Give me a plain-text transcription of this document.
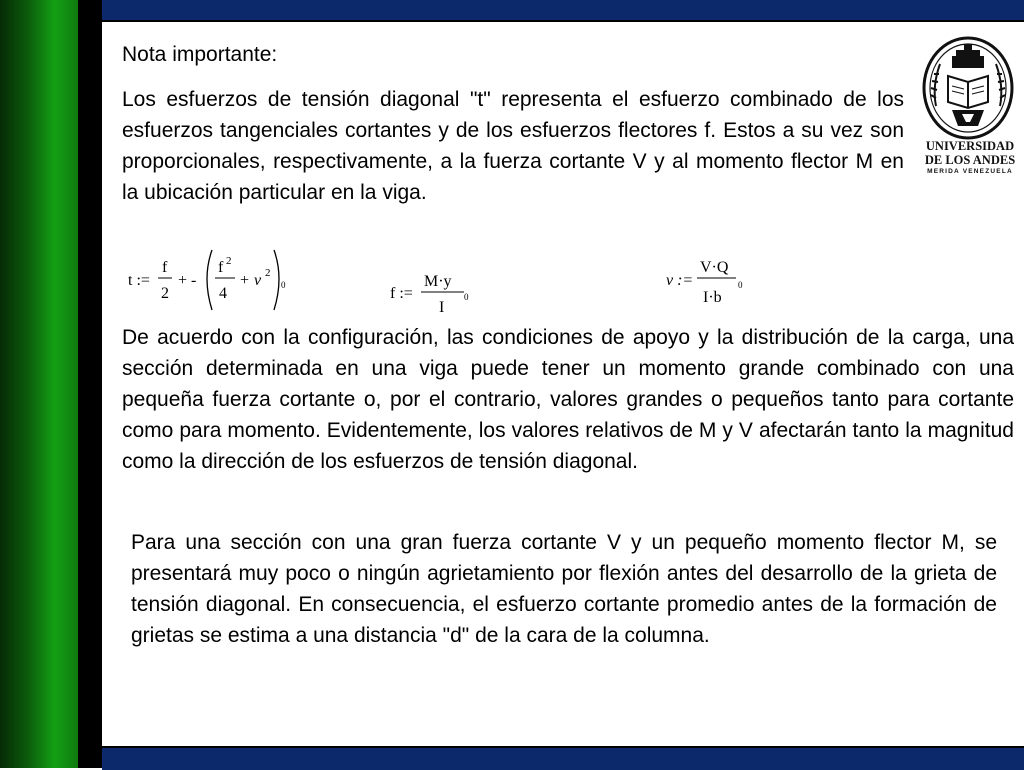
Nota importante:

Los esfuerzos de tensión diagonal "t" representa el esfuerzo combinado de los esfuerzos tangenciales cortantes y de los esfuerzos flectores f. Estos a su vez son proporcionales, respectivamente, a la fuerza cortante V y al momento flector M en la ubicación particular en la viga.

UNIVERSIDAD
DE LOS ANDES
MERIDA VENEZUELA
t :=
f
2
+ -
f 2
4
+ ν 2
0	f :=
M·y
I
0
ν :=
V·Q
I·b
0

De acuerdo con la configuración, las condiciones de apoyo y la distribución de la carga, una sección determinada en una viga puede tener un momento grande combinado con una pequeña fuerza cortante o, por el contrario, valores grandes o pequeños tanto para cortante como para momento. Evidentemente, los valores relativos de M y V afectarán tanto la magnitud como la dirección de los esfuerzos de tensión diagonal.

Para una sección con una gran fuerza cortante V y un pequeño momento flector M, se presentará muy poco o ningún agrietamiento por flexión antes del desarrollo de la grieta de tensión diagonal. En consecuencia, el esfuerzo cortante promedio antes de la formación de grietas se estima a una distancia "d" de la cara de la columna.
